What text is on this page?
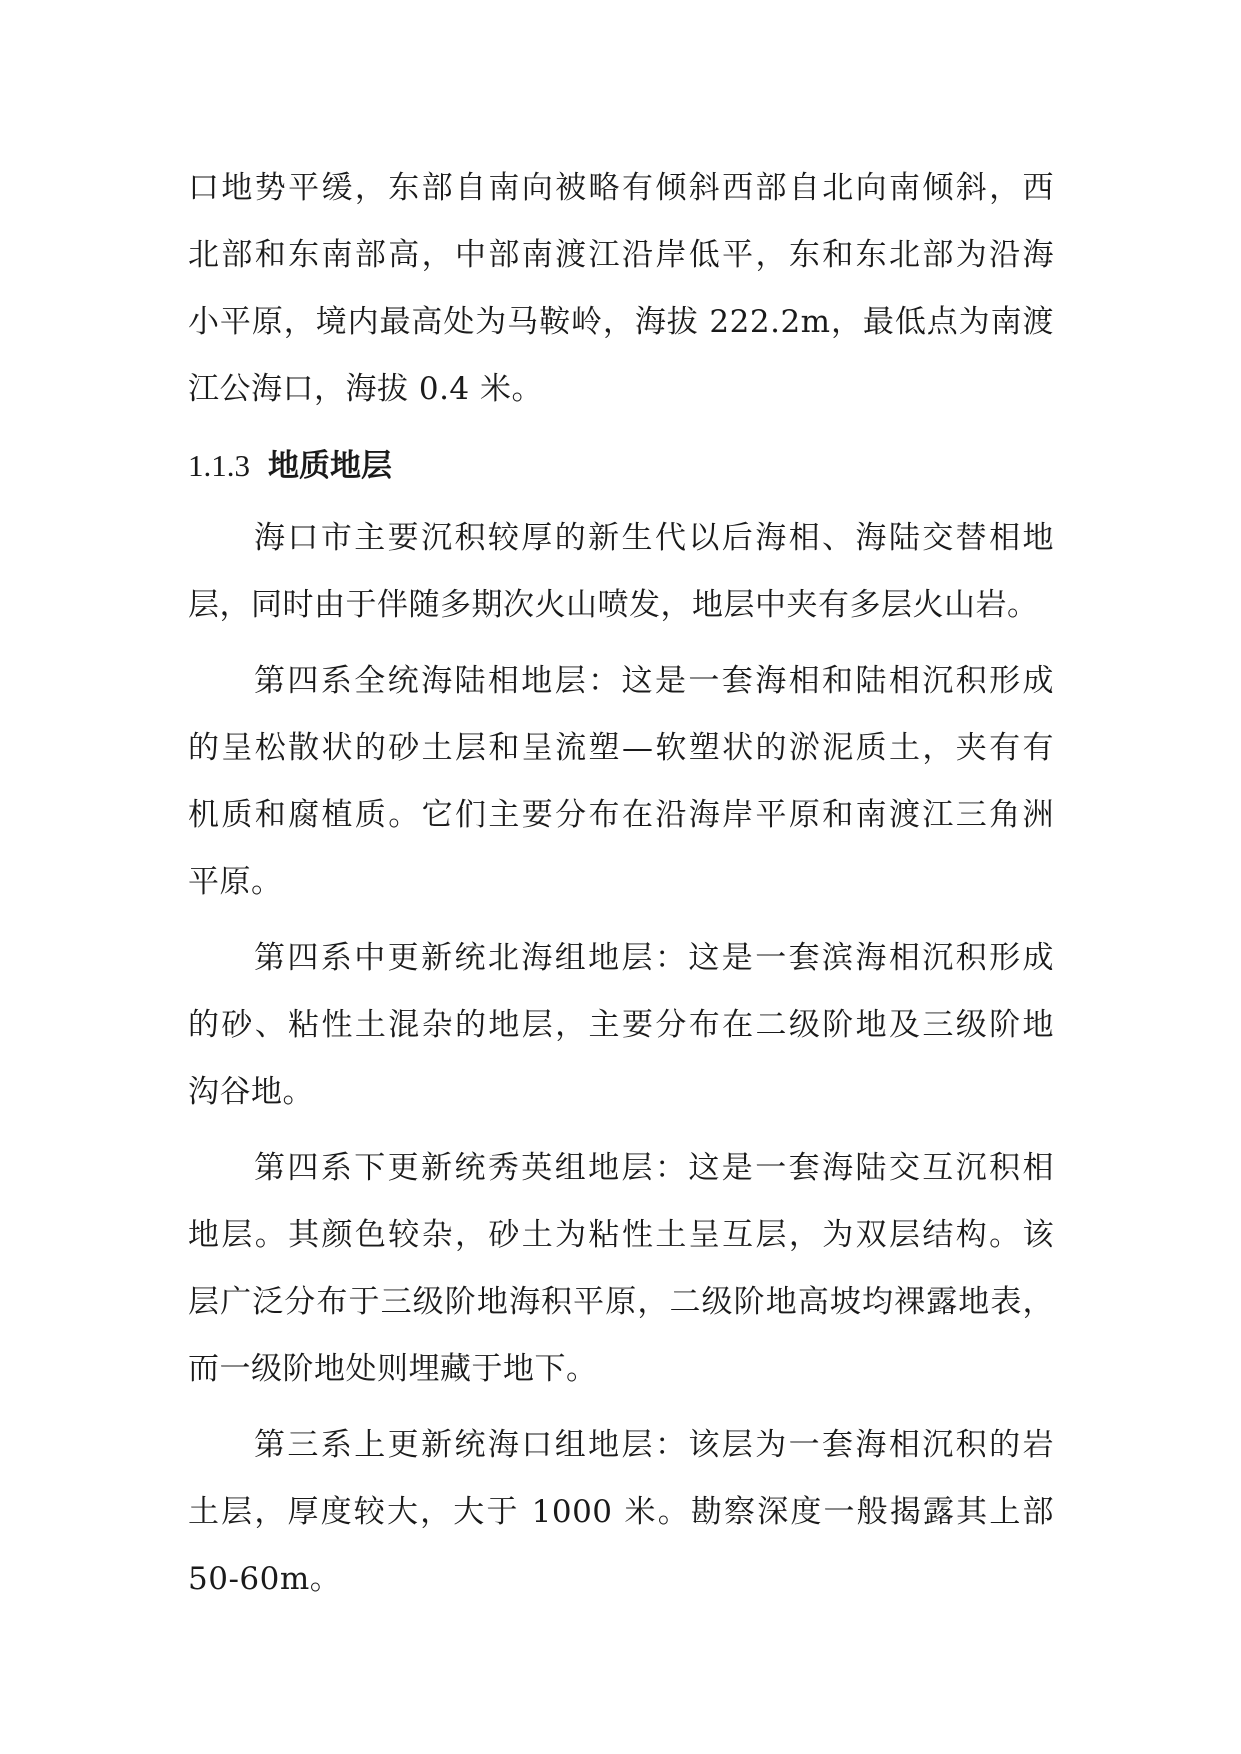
口地势平缓，东部自南向被略有倾斜西部自北向南倾斜，西
北部和东南部高，中部南渡江沿岸低平，东和东北部为沿海
小平原，境内最高处为马鞍岭，海拔 222.2m，最低点为南渡
江公海口，海拔 0.4 米。
1.1.3 地质地层
海口市主要沉积较厚的新生代以后海相、海陆交替相地
层，同时由于伴随多期次火山喷发，地层中夹有多层火山岩。
第四系全统海陆相地层：这是一套海相和陆相沉积形成
的呈松散状的砂土层和呈流塑—软塑状的淤泥质土，夹有有
机质和腐植质。它们主要分布在沿海岸平原和南渡江三角洲
平原。
第四系中更新统北海组地层：这是一套滨海相沉积形成
的砂、粘性土混杂的地层，主要分布在二级阶地及三级阶地
沟谷地。
第四系下更新统秀英组地层：这是一套海陆交互沉积相
地层。其颜色较杂，砂土为粘性土呈互层，为双层结构。该
层广泛分布于三级阶地海积平原，二级阶地高坡均裸露地表，
而一级阶地处则埋藏于地下。
第三系上更新统海口组地层：该层为一套海相沉积的岩
土层，厚度较大，大于 1000 米。勘察深度一般揭露其上部
50-60m。
